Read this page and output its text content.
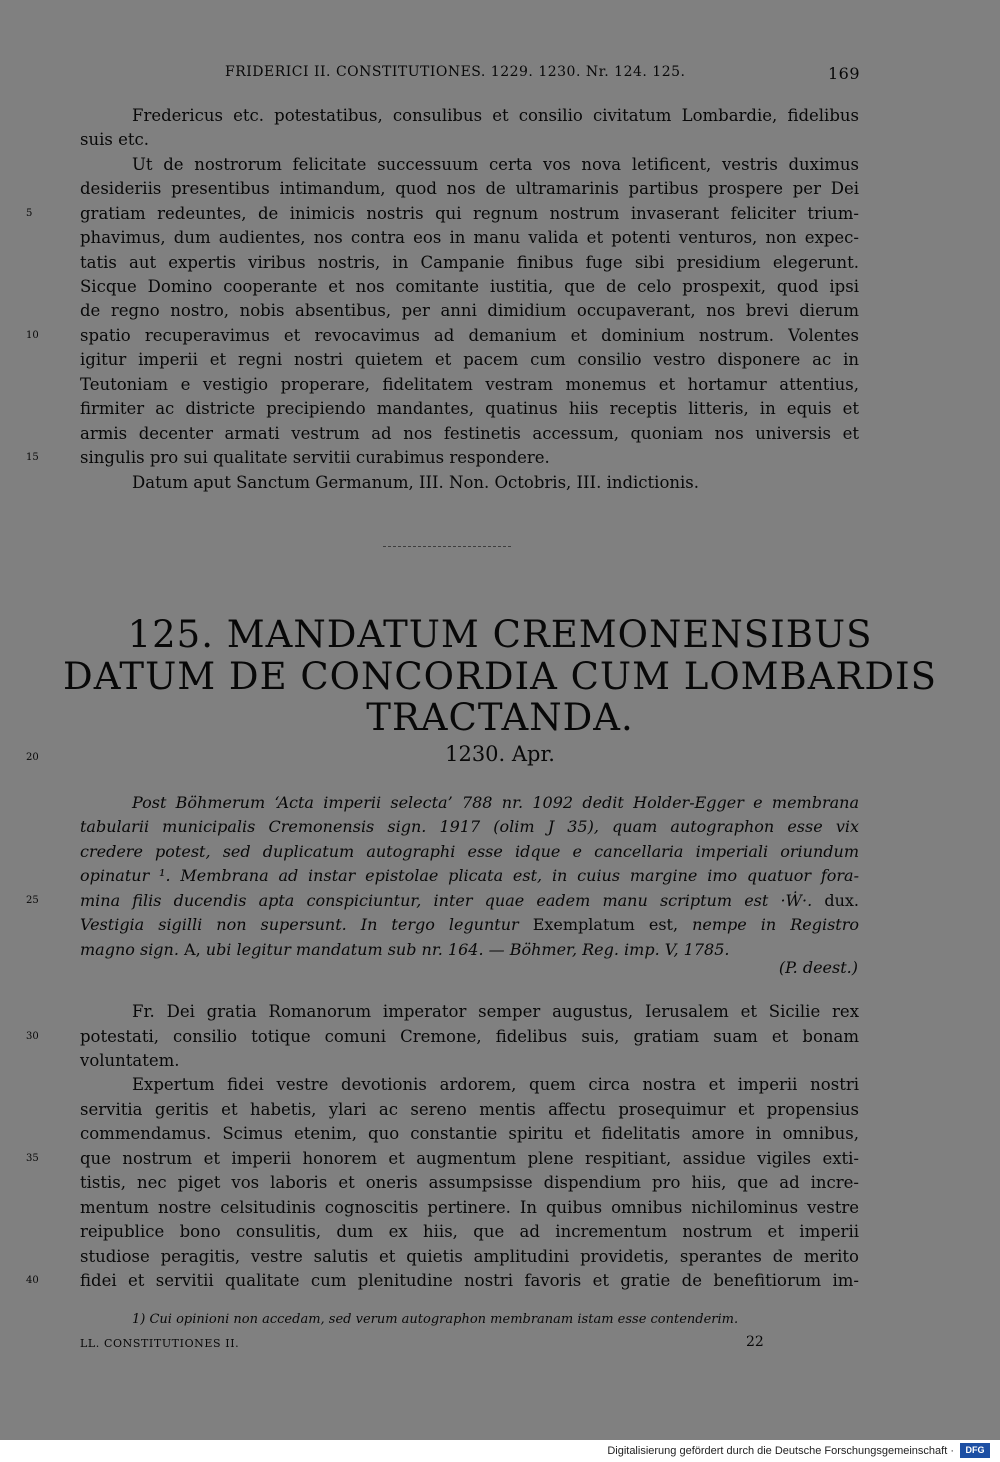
FRIDERICI II. CONSTITUTIONES. 1229. 1230. Nr. 124. 125.	169
Fredericus etc. potestatibus, consulibus et consilio civitatum Lombardie, fidelibus
suis etc.
Ut de nostrorum felicitate successuum certa vos nova letificent, vestris duximus
desideriis presentibus intimandum, quod nos de ultramarinis partibus prospere per Dei
gratiam redeuntes, de inimicis nostris qui regnum nostrum invaserant feliciter trium-
phavimus, dum audientes, nos contra eos in manu valida et potenti venturos, non expec-
tatis aut expertis viribus nostris, in Campanie finibus fuge sibi presidium elegerunt.
Sicque Domino cooperante et nos comitante iustitia, que de celo prospexit, quod ipsi
de regno nostro, nobis absentibus, per anni dimidium occupaverant, nos brevi dierum
spatio recuperavimus et revocavimus ad demanium et dominium nostrum. Volentes
igitur imperii et regni nostri quietem et pacem cum consilio vestro disponere ac in
Teutoniam e vestigio properare, fidelitatem vestram monemus et hortamur attentius,
firmiter ac districte precipiendo mandantes, quatinus hiis receptis litteris, in equis et
armis decenter armati vestrum ad nos festinetis accessum, quoniam nos universis et
singulis pro sui qualitate servitii curabimus respondere.
Datum aput Sanctum Germanum, III. Non. Octobris, III. indictionis.
5
10
15
125. MANDATUM CREMONENSIBUS
DATUM DE CONCORDIA CUM LOMBARDIS
TRACTANDA.
20	1230. Apr.
Post Böhmerum ‘Acta imperii selecta’ 788 nr. 1092 dedit Holder-Egger e membrana
tabularii municipalis Cremonensis sign. 1917 (olim J 35), quam autographon esse vix
credere potest, sed duplicatum autographi esse idque e cancellaria imperiali oriundum
opinatur ¹. Membrana ad instar epistolae plicata est, in cuius margine imo quatuor fora-
mina filis ducendis apta conspiciuntur, inter quae eadem manu scriptum est ·Ẇ·. dux.
Vestigia sigilli non supersunt. In tergo leguntur Exemplatum est, nempe in Registro
magno sign. A, ubi legitur mandatum sub nr. 164. — Böhmer, Reg. imp. V, 1785.
25
(P. deest.)
Fr. Dei gratia Romanorum imperator semper augustus, Ierusalem et Sicilie rex
potestati, consilio totique comuni Cremone, fidelibus suis, gratiam suam et bonam
voluntatem.
Expertum fidei vestre devotionis ardorem, quem circa nostra et imperii nostri
servitia geritis et habetis, ylari ac sereno mentis affectu prosequimur et propensius
commendamus. Scimus etenim, quo constantie spiritu et fidelitatis amore in omnibus,
que nostrum et imperii honorem et augmentum plene respitiant, assidue vigiles exti-
tistis, nec piget vos laboris et oneris assumpsisse dispendium pro hiis, que ad incre-
mentum nostre celsitudinis cognoscitis pertinere. In quibus omnibus nichilominus vestre
reipublice bono consulitis, dum ex hiis, que ad incrementum nostrum et imperii
studiose peragitis, vestre salutis et quietis amplitudini providetis, sperantes de merito
fidei et servitii qualitate cum plenitudine nostri favoris et gratie de benefitiorum im-
30
35
40
1) Cui opinioni non accedam, sed verum autographon membranam istam esse contenderim.
LL. CONSTITUTIONES II.	22
Digitalisierung gefördert durch die Deutsche Forschungsgemeinschaft ·	DFG
